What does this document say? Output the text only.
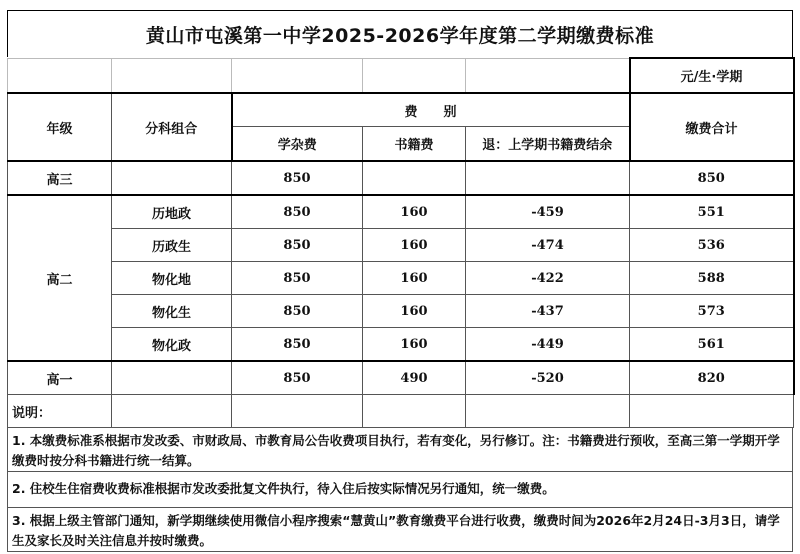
黄山市屯溪第一中学2025-2026学年度第二学期缴费标准
					元/生·学期
年级	分科组合	费　　别			缴费合计
		学杂费	书籍费	退：上学期书籍费结余	
高三		850			850
高二	历地政	850	160	-459	551
	历政生	850	160	-474	536
	物化地	850	160	-422	588
	物化生	850	160	-437	573
	物化政	850	160	-449	561
高一		850	490	-520	820
说明：					
1. 本缴费标准系根据市发改委、市财政局、市教育局公告收费项目执行，若有变化，另行修订。注：书籍费进行预收，至高三第一学期开学缴费时按分科书籍进行统一结算。
2. 住校生住宿费收费标准根据市发改委批复文件执行，待入住后按实际情况另行通知，统一缴费。
3. 根据上级主管部门通知，新学期继续使用微信小程序搜索“慧黄山”教育缴费平台进行收费，缴费时间为2026年2月24日-3月3日，请学生及家长及时关注信息并按时缴费。
